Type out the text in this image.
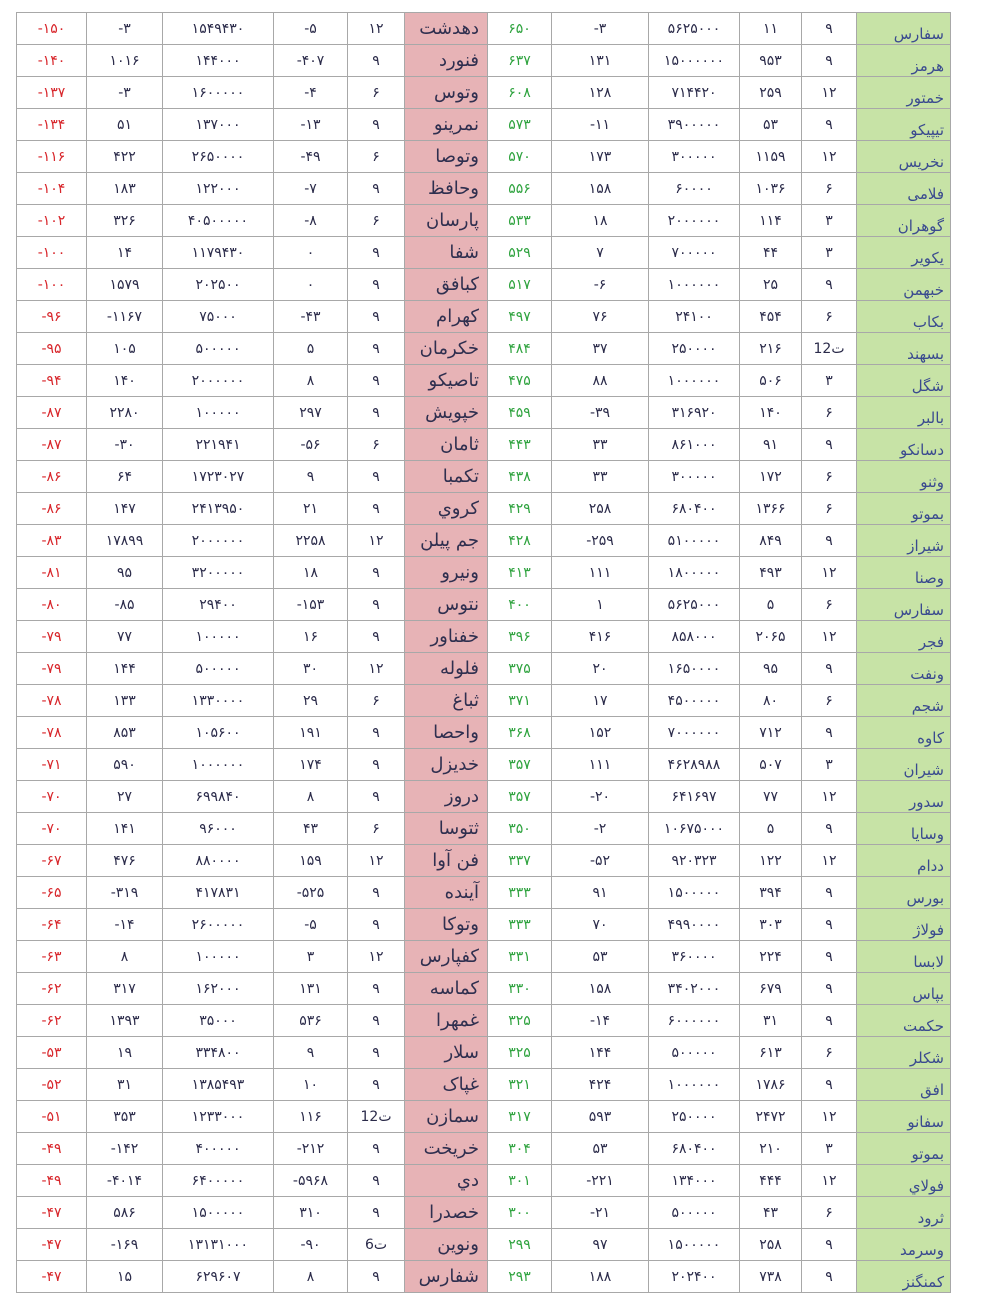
-۱۵۰	-۳	۱۵۴۹۴۳۰	-۵	۱۲	دهدشت	۶۵۰	-۳	۵۶۲۵۰۰۰	۱۱	۹	سفارس
-۱۴۰	۱۰۱۶	۱۴۴۰۰۰	-۴۰۷	۹	فنورد	۶۳۷	۱۳۱	۱۵۰۰۰۰۰۰	۹۵۳	۹	هرمز
-۱۳۷	-۳	۱۶۰۰۰۰۰	-۴	۶	وتوس	۶۰۸	۱۲۸	۷۱۴۴۲۰	۲۵۹	۱۲	خمتور
-۱۳۴	۵۱	۱۳۷۰۰۰	-۱۳	۹	نمرینو	۵۷۳	-۱۱	۳۹۰۰۰۰۰	۵۳	۹	تیپیکو
-۱۱۶	۴۲۲	۲۶۵۰۰۰۰	-۴۹	۶	وتوصا	۵۷۰	۱۷۳	۳۰۰۰۰۰	۱۱۵۹	۱۲	نخریس
-۱۰۴	۱۸۳	۱۲۲۰۰۰	-۷	۹	وحافظ	۵۵۶	۱۵۸	۶۰۰۰۰	۱۰۳۶	۶	فلامی
-۱۰۲	۳۲۶	۴۰۵۰۰۰۰۰	-۸	۶	پارسان	۵۳۳	۱۸	۲۰۰۰۰۰۰	۱۱۴	۳	گوهران
-۱۰۰	۱۴	۱۱۷۹۴۳۰	۰	۹	شفا	۵۲۹	۷	۷۰۰۰۰۰	۴۴	۳	یکویر
-۱۰۰	۱۵۷۹	۲۰۲۵۰۰	۰	۹	کبافق	۵۱۷	-۶	۱۰۰۰۰۰۰	۲۵	۹	خبهمن
-۹۶	-۱۱۶۷	۷۵۰۰۰	-۴۳	۹	کهرام	۴۹۷	۷۶	۲۴۱۰۰	۴۵۴	۶	بکاب
-۹۵	۱۰۵	۵۰۰۰۰۰	۵	۹	خکرمان	۴۸۴	۳۷	۲۵۰۰۰۰	۲۱۶	12ت	بسهند
-۹۴	۱۴۰	۲۰۰۰۰۰۰	۸	۹	تاصیکو	۴۷۵	۸۸	۱۰۰۰۰۰۰	۵۰۶	۳	شگل
-۸۷	۲۲۸۰	۱۰۰۰۰۰	۲۹۷	۹	خپویش	۴۵۹	-۳۹	۳۱۶۹۲۰	۱۴۰	۶	بالبر
-۸۷	-۳۰	۲۲۱۹۴۱	-۵۶	۶	ثامان	۴۴۳	۳۳	۸۶۱۰۰۰	۹۱	۹	دسانکو
-۸۶	۶۴	۱۷۲۳۰۲۷	۹	۹	تکمبا	۴۳۸	۳۳	۳۰۰۰۰۰	۱۷۲	۶	وثنو
-۸۶	۱۴۷	۲۴۱۳۹۵۰	۲۱	۹	کروي	۴۲۹	۲۵۸	۶۸۰۴۰۰	۱۳۶۶	۶	بموتو
-۸۳	۱۷۸۹۹	۲۰۰۰۰۰۰	۲۲۵۸	۱۲	جم پیلن	۴۲۸	-۲۵۹	۵۱۰۰۰۰۰	۸۴۹	۹	شیراز
-۸۱	۹۵	۳۲۰۰۰۰۰	۱۸	۹	ونیرو	۴۱۳	۱۱۱	۱۸۰۰۰۰۰	۴۹۳	۱۲	وصنا
-۸۰	-۸۵	۲۹۴۰۰	-۱۵۳	۹	نتوس	۴۰۰	۱	۵۶۲۵۰۰۰	۵	۶	سفارس
-۷۹	۷۷	۱۰۰۰۰۰	۱۶	۹	خفناور	۳۹۶	۴۱۶	۸۵۸۰۰۰	۲۰۶۵	۱۲	فجر
-۷۹	۱۴۴	۵۰۰۰۰۰	۳۰	۱۲	فلوله	۳۷۵	۲۰	۱۶۵۰۰۰۰	۹۵	۹	ونفت
-۷۸	۱۳۳	۱۳۳۰۰۰۰	۲۹	۶	ثباغ	۳۷۱	۱۷	۴۵۰۰۰۰۰	۸۰	۶	شجم
-۷۸	۸۵۳	۱۰۵۶۰۰	۱۹۱	۹	واحصا	۳۶۸	۱۵۲	۷۰۰۰۰۰۰	۷۱۲	۹	کاوه
-۷۱	۵۹۰	۱۰۰۰۰۰۰	۱۷۴	۹	خدیزل	۳۵۷	۱۱۱	۴۶۲۸۹۸۸	۵۰۷	۳	شیران
-۷۰	۲۷	۶۹۹۸۴۰	۸	۹	دروز	۳۵۷	-۲۰	۶۴۱۶۹۷	۷۷	۱۲	سدور
-۷۰	۱۴۱	۹۶۰۰۰	۴۳	۶	ثتوسا	۳۵۰	-۲	۱۰۶۷۵۰۰۰	۵	۹	وسایا
-۶۷	۴۷۶	۸۸۰۰۰۰	۱۵۹	۱۲	فن آوا	۳۳۷	-۵۲	۹۲۰۳۲۳	۱۲۲	۱۲	ددام
-۶۵	-۳۱۹	۴۱۷۸۳۱	-۵۲۵	۹	آینده	۳۳۳	۹۱	۱۵۰۰۰۰۰	۳۹۴	۹	بورس
-۶۴	-۱۴	۲۶۰۰۰۰۰	-۵	۹	وتوکا	۳۳۳	۷۰	۴۹۹۰۰۰۰	۳۰۳	۹	فولاژ
-۶۳	۸	۱۰۰۰۰۰	۳	۱۲	کفپارس	۳۳۱	۵۳	۳۶۰۰۰۰	۲۲۴	۹	لابسا
-۶۲	۳۱۷	۱۶۲۰۰۰	۱۳۱	۹	کماسه	۳۳۰	۱۵۸	۳۴۰۲۰۰۰	۶۷۹	۹	بپاس
-۶۲	۱۳۹۳	۳۵۰۰۰	۵۳۶	۹	غمهرا	۳۲۵	-۱۴	۶۰۰۰۰۰۰	۳۱	۹	حکمت
-۵۳	۱۹	۳۳۴۸۰۰	۹	۹	سلار	۳۲۵	۱۴۴	۵۰۰۰۰۰	۶۱۳	۶	شکلر
-۵۲	۳۱	۱۳۸۵۴۹۳	۱۰	۹	غپاک	۳۲۱	۴۲۴	۱۰۰۰۰۰۰	۱۷۸۶	۹	افق
-۵۱	۳۵۳	۱۲۳۳۰۰۰	۱۱۶	12ت	سمازن	۳۱۷	۵۹۳	۲۵۰۰۰۰	۲۴۷۲	۱۲	سفانو
-۴۹	-۱۴۲	۴۰۰۰۰۰	-۲۱۲	۹	خریخت	۳۰۴	۵۳	۶۸۰۴۰۰	۲۱۰	۳	بموتو
-۴۹	-۴۰۱۴	۶۴۰۰۰۰۰	-۵۹۶۸	۹	دي	۳۰۱	-۲۲۱	۱۳۴۰۰۰	۴۴۴	۱۲	فولاي
-۴۷	۵۸۶	۱۵۰۰۰۰۰	۳۱۰	۹	خصدرا	۳۰۰	-۲۱	۵۰۰۰۰۰	۴۳	۶	ثرود
-۴۷	-۱۶۹	۱۳۱۳۱۰۰۰	-۹۰	6ت	ونوین	۲۹۹	۹۷	۱۵۰۰۰۰۰	۲۵۸	۹	وسرمد
-۴۷	۱۵	۶۲۹۶۰۷	۸	۹	شفارس	۲۹۳	۱۸۸	۲۰۲۴۰۰	۷۳۸	۹	کمنگنز
